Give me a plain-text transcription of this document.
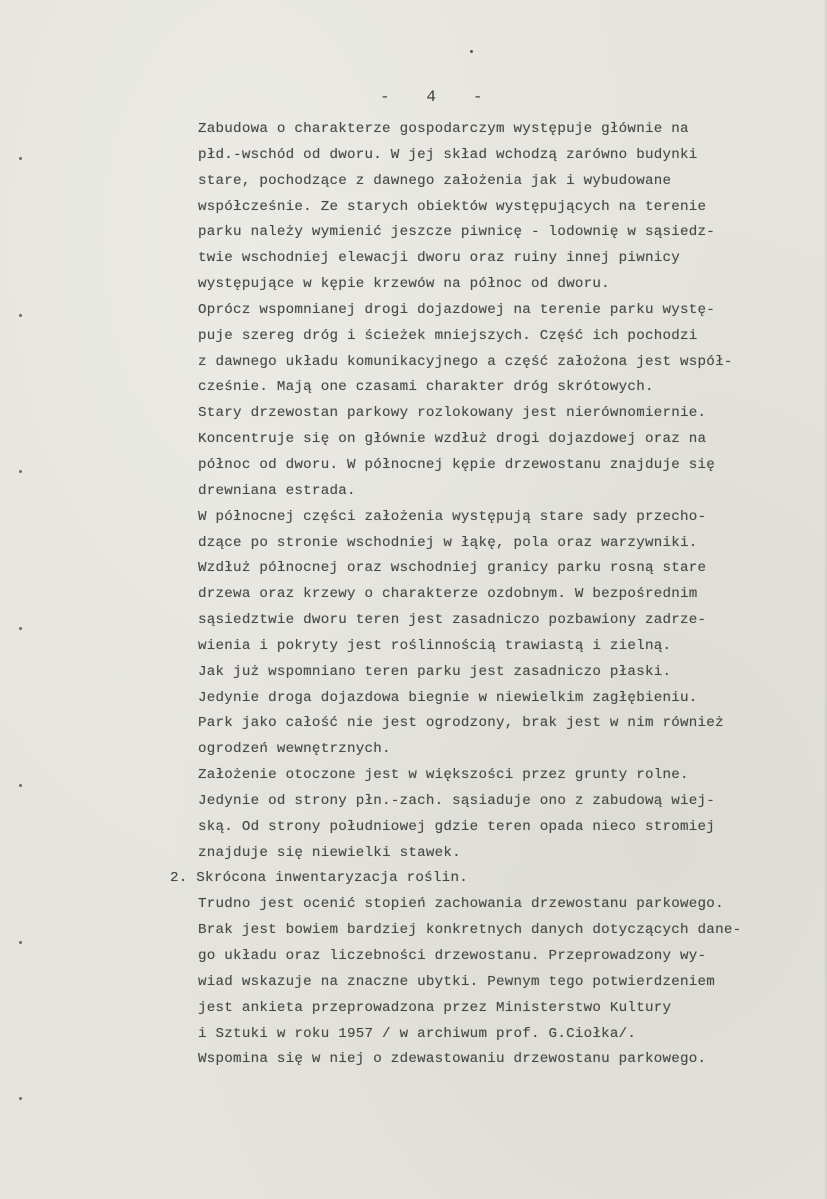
-   4   -
Zabudowa o charakterze gospodarczym występuje głównie na
płd.-wschód od dworu. W jej skład wchodzą zarówno budynki
stare, pochodzące z dawnego założenia jak i wybudowane
współcześnie. Ze starych obiektów występujących na terenie
parku należy wymienić jeszcze piwnicę - lodownię w sąsiedz-
twie wschodniej elewacji dworu oraz ruiny innej piwnicy
występujące w kępie krzewów na północ od dworu.
Oprócz wspomnianej drogi dojazdowej na terenie parku wystę-
puje szereg dróg i ścieżek mniejszych. Część ich pochodzi
z dawnego układu komunikacyjnego a część założona jest współ-
cześnie. Mają one czasami charakter dróg skrótowych.
Stary drzewostan parkowy rozlokowany jest nierównomiernie.
Koncentruje się on głównie wzdłuż drogi dojazdowej oraz na
północ od dworu. W północnej kępie drzewostanu znajduje się
drewniana estrada.
W północnej części założenia występują stare sady przecho-
dzące po stronie wschodniej w łąkę, pola oraz warzywniki.
Wzdłuż północnej oraz wschodniej granicy parku rosną stare
drzewa oraz krzewy o charakterze ozdobnym. W bezpośrednim
sąsiedztwie dworu teren jest zasadniczo pozbawiony zadrze-
wienia i pokryty jest roślinnością trawiastą i zielną.
Jak już wspomniano teren parku jest zasadniczo płaski.
Jedynie droga dojazdowa biegnie w niewielkim zagłębieniu.
Park jako całość nie jest ogrodzony, brak jest w nim również
ogrodzeń wewnętrznych.
Założenie otoczone jest w większości przez grunty rolne.
Jedynie od strony płn.-zach. sąsiaduje ono z zabudową wiej-
ską. Od strony południowej gdzie teren opada nieco stromiej
znajduje się niewielki stawek.
2. Skrócona inwentaryzacja roślin.
Trudno jest ocenić stopień zachowania drzewostanu parkowego.
Brak jest bowiem bardziej konkretnych danych dotyczących dane-
go układu oraz liczebności drzewostanu. Przeprowadzony wy-
wiad wskazuje na znaczne ubytki. Pewnym tego potwierdzeniem
jest ankieta przeprowadzona przez Ministerstwo Kultury
i Sztuki w roku 1957 / w archiwum prof. G.Ciołka/.
Wspomina się w niej o zdewastowaniu drzewostanu parkowego.
